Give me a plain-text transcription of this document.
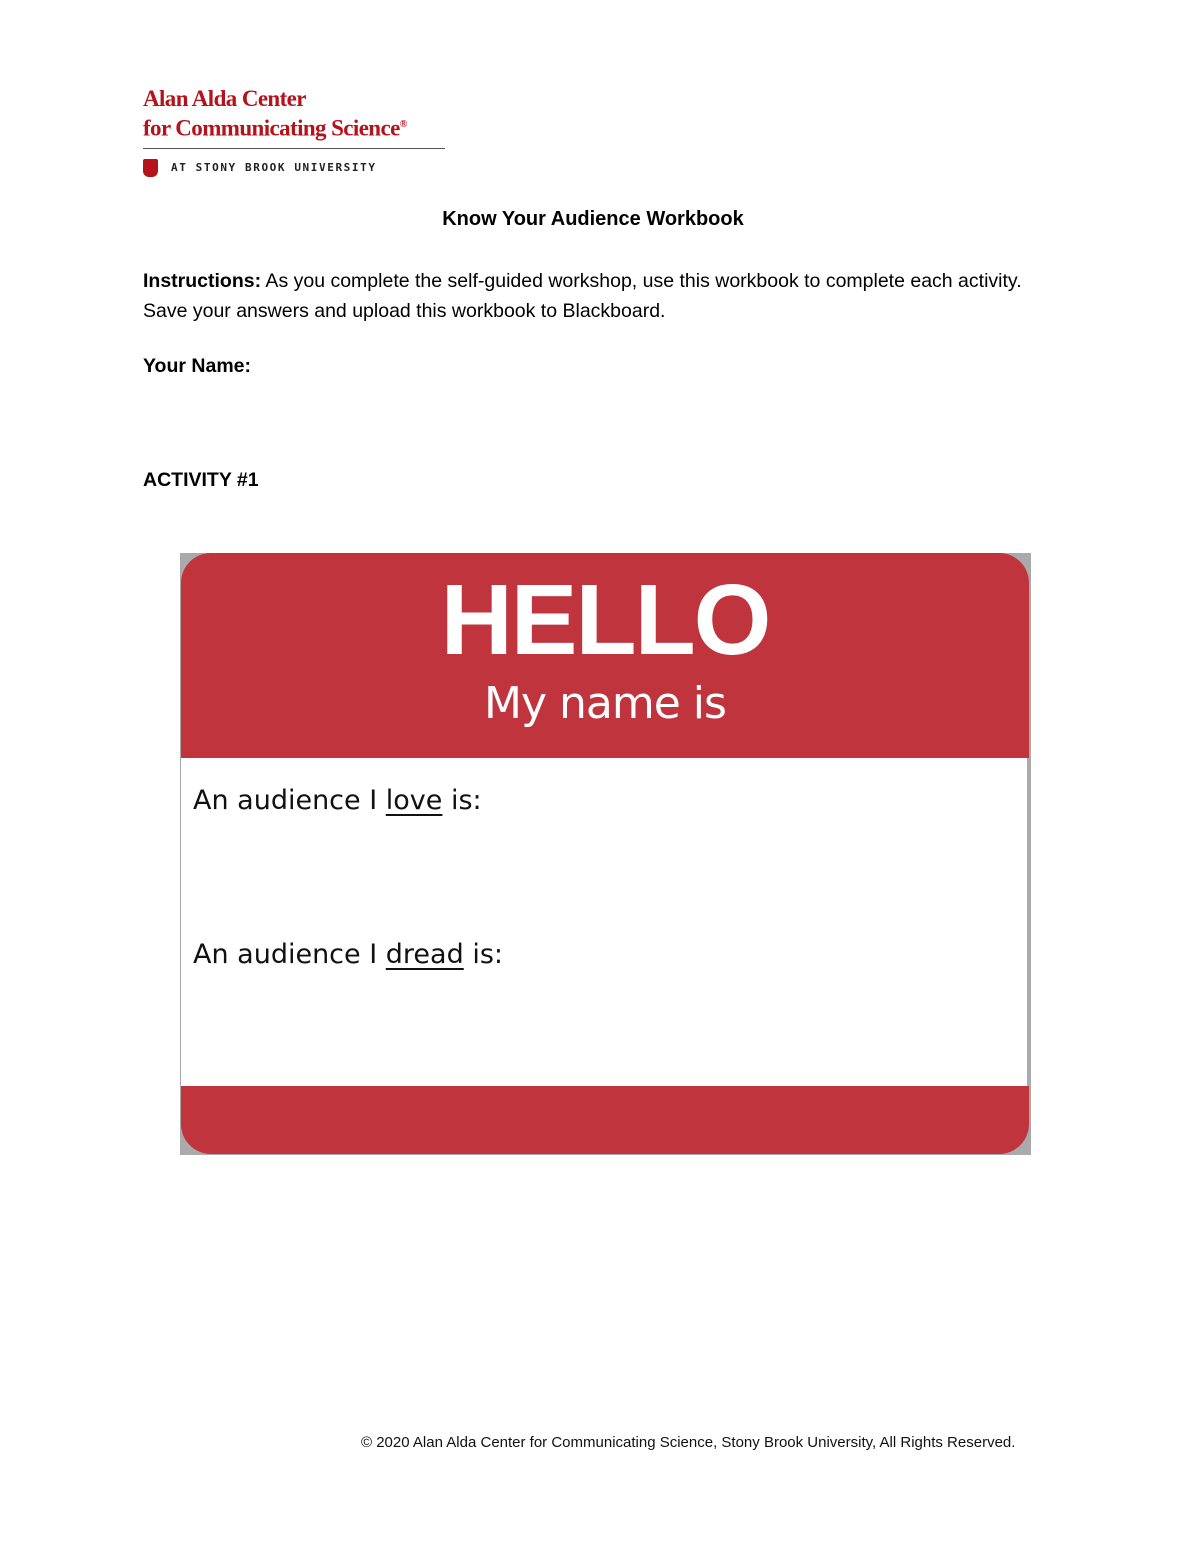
Alan Alda Center
for Communicating Science®
AT STONY BROOK UNIVERSITY
Know Your Audience Workbook
Instructions: As you complete the self-guided workshop, use this workbook to complete each activity. Save your answers and upload this workbook to Blackboard.
Your Name:
ACTIVITY #1
HELLO
My name is
An audience I love is:
An audience I dread is:
© 2020 Alan Alda Center for Communicating Science, Stony Brook University, All Rights Reserved.
